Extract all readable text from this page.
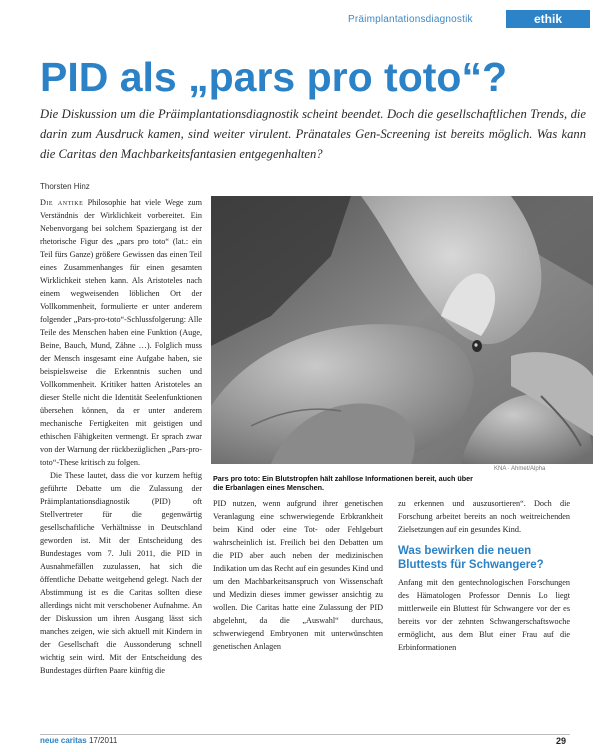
Präimplantationsdiagnostik	ethik
PID als „pars pro toto“?
Die Diskussion um die Präimplantationsdiagnostik scheint beendet. Doch die gesellschaftlichen Trends, die darin zum Ausdruck kamen, sind weiter virulent. Pränatales Gen-Screening ist bereits möglich. Was kann die Caritas den Machbarkeitsfantasien entgegenhalten?
Thorsten Hinz

Die antike Philosophie hat viele Wege zum Verständnis der Wirklichkeit vorbereitet. Ein Nebenvorgang bei solchem Spaziergang ist der rhetorische Figur des „pars pro toto“ (lat.: ein Teil fürs Ganze) größere Gewissen das einen Teil eines Zusammenhanges für einen gesamten Wirklichkeit stehen kann. Als Aristoteles nach einem wegweisenden löblichen Ort der Vollkommenheit, formulierte er unter anderem folgender „Pars-pro-toto“-Schlussfolgerung: Alle Teile des Menschen haben eine Funktion (Auge, Beine, Bauch, Mund, Zähne …). Folglich muss der Mensch insgesamt eine Aufgabe haben, sie beispielsweise die Erkenntnis suchen und Vollkommenheit. Kritiker hatten Aristoteles an dieser Stelle nicht die Identität Seelenfunktionen übersehen können, da er unter anderem mechanische Fertigkeiten mit geistigen und ethischen Fähigkeiten vermengt. Er sprach zwar von der Warnung der rückbezüglichen „Pars-pro-toto“-These kritisch zu folgen.

Die These lautet, dass die vor kurzem heftig geführte Debatte um die Zulassung der Präimplantationsdiagnostik (PID) oft Stellvertreter für die gegenwärtig gesellschaftliche Verhältnisse in Deutschland geworden ist. Mit der Entscheidung des Bundestages vom 7. Juli 2011, die PID in Ausnahmefällen zuzulassen, hat sich die öffentliche Debatte weitgehend gelegt. Nach der Abstimmung ist es die Caritas sollten diese allerdings nicht mit verschobener Aufnahme. An der Diskussion um ihren Ausgang lässt sich manches zeigen, wie sich aktuell mit Kindern in der Gesellschaft die Aussonderung schnell wichtig sein wird. Mit der Entscheidung des Bundestages dürften Paare künftig die

KNA · Ahmet/Alpha
Pars pro toto: Ein Blutstropfen hält zahllose Informationen bereit, auch über die Erbanlagen eines Menschen.

PID nutzen, wenn aufgrund ihrer genetischen Veranlagung eine schwerwiegende Erbkrankheit beim Kind oder eine Tot- oder Fehlgeburt wahrscheinlich ist. Freilich bei den Debatten um die PID aber auch neben der medizinischen Indikation um das Recht auf ein gesundes Kind und um den Machbarkeitsanspruch von Wissenschaft und Medizin dieses immer gewisser ansichtig zu wollen. Die Caritas hatte eine Zulassung der PID abgelehnt, da die „Auswahl“ durchaus, schwerwiegend Embryonen mit unterwünschten genetischen Anlagen

zu erkennen und auszusortieren“. Doch die Forschung arbeitet bereits an noch weitreichenden Zielsetzungen auf ein gesundes Kind.

Was bewirken die neuen Bluttests für Schwangere?

Anfang mit den gentechnologischen Forschungen des Hämatologen Professor Dennis Lo liegt mittlerweile ein Bluttest für Schwangere vor der es bereits vor der zehnten Schwangerschaftswoche ermöglicht, aus dem Blut einer Frau auf die Erbinformationen

neue caritas 17/2011	29
